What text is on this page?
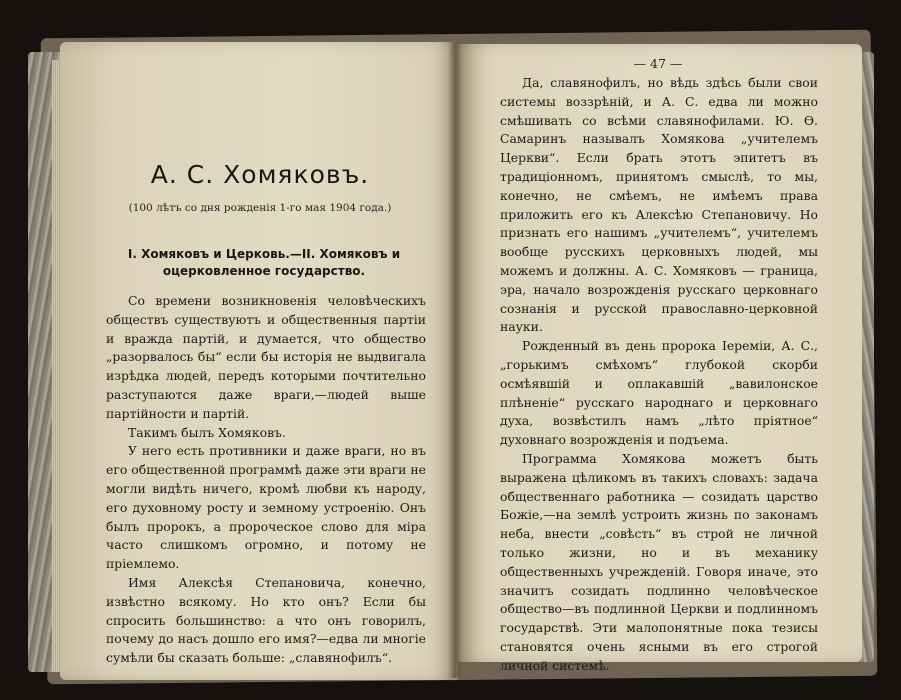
А. С. Хомяковъ.
(100 лѣтъ со дня рожденія 1-го мая 1904 года.)
I. Хомяковъ и Церковь.—II. Хомяковъ и оцерковленное государство.

Со времени возникновенія человѣческихъ обществъ существуютъ и общественныя партіи и вражда партій, и думается, что общество „разорвалось бы“ если бы исторія не выдвигала изрѣдка людей, передъ которыми почтительно разступаются даже враги,—людей выше партійности и партій.

Такимъ былъ Хомяковъ.

У него есть противники и даже враги, но въ его общественной программѣ даже эти враги не могли видѣть ничего, кромѣ любви къ народу, его духовному росту и земному устроенію. Онъ былъ пророкъ, а пророческое слово для міра часто слишкомъ огромно, и потому не пріемлемо.

Имя Алексѣя Степановича, конечно, извѣстно всякому. Но кто онъ? Если бы спросить большинство: а что онъ говорилъ, почему до насъ дошло его имя?—едва ли многіе сумѣли бы сказать больше: „славянофилъ“.

— 47 —

Да, славянофилъ, но вѣдь здѣсь были свои системы воззрѣній, и А. С. едва ли можно смѣшивать со всѣми славянофилами. Ю. Ѳ. Самаринъ называлъ Хомякова „учителемъ Церкви“. Если брать этотъ эпитетъ въ традиціонномъ, принятомъ смыслѣ, то мы, конечно, не смѣемъ, не имѣемъ права приложить его къ Алексѣю Степановичу. Но признать его нашимъ „учителемъ“, учителемъ вообще русскихъ церковныхъ людей, мы можемъ и должны. А. С. Хомяковъ — граница, эра, начало возрожденія русскаго церковнаго сознанія и русской православно-церковной науки.

Рожденный въ день пророка Іереміи, А. С., „горькимъ смѣхомъ“ глубокой скорби осмѣявшій и оплакавшій „вавилонское плѣненіе“ русскаго народнаго и церковнаго духа, возвѣстилъ намъ „лѣто пріятное“ духовнаго возрожденія и подъема.

Программа Хомякова можетъ быть выражена цѣликомъ въ такихъ словахъ: задача общественнаго работника — созидать царство Божіе,—на землѣ устроить жизнь по законамъ неба, внести „совѣсть“ въ строй не личной только жизни, но и въ механику общественныхъ учрежденій. Говоря иначе, это значитъ созидать подлинно человѣческое общество—въ подлинной Церкви и подлинномъ государствѣ. Эти малопонятные пока тезисы становятся очень ясными въ его строгой личной системѣ.
